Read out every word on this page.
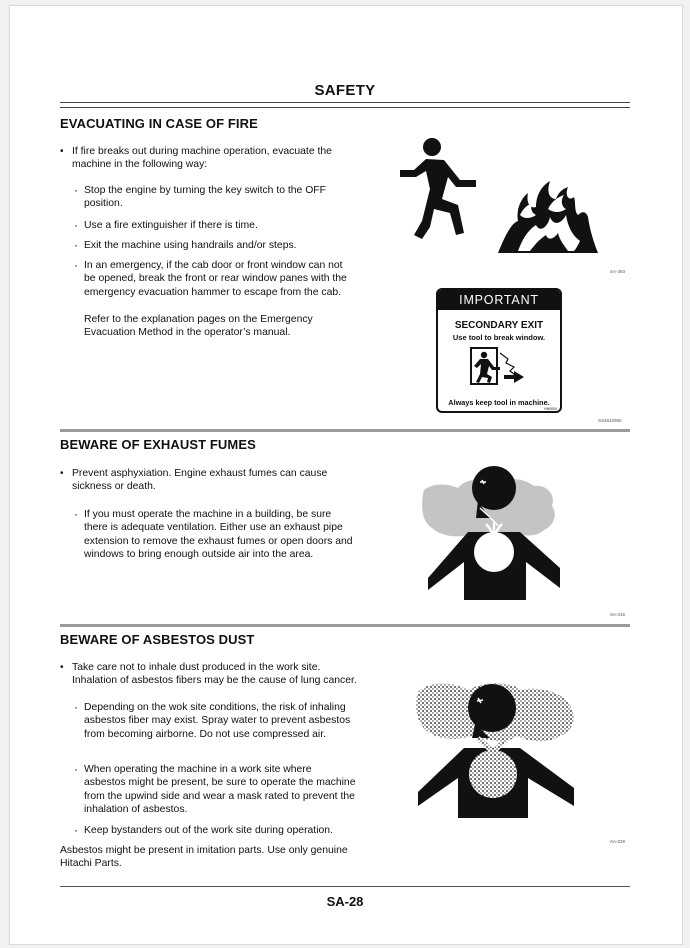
SAFETY
EVACUATING IN CASE OF FIRE

• If fire breaks out during machine operation, evacuate the machine in the following way:

· Stop the engine by turning the key switch to the OFF position.

· Use a fire extinguisher if there is time.

· Exit the machine using handrails and/or steps.

· In an emergency, if the cab door or front window can not be opened, break the front or rear window panes with the emergency evacuation hammer to escape from the cab.

Refer to the explanation pages on the Emergency Evacuation Method in the operator’s manual.

SA-393
IMPORTANT
SECONDARY EXIT
Use tool to break window.
Always keep tool in machine.
YW0000
SS4642980
BEWARE OF EXHAUST FUMES

• Prevent asphyxiation. Engine exhaust fumes can cause sickness or death.

· If you must operate the machine in a building, be sure there is adequate ventilation. Either use an exhaust pipe extension to remove the exhaust fumes or open doors and windows to bring enough outside air into the area.

SA-016
BEWARE OF ASBESTOS DUST

• Take care not to inhale dust produced in the work site. Inhalation of asbestos fibers may be the cause of lung cancer.

· Depending on the wok site conditions, the risk of inhaling asbestos fiber may exist. Spray water to prevent asbestos from becoming airborne. Do not use compressed air.

· When operating the machine in a work site where asbestos might be present, be sure to operate the machine from the upwind side and wear a mask rated to prevent the inhalation of asbestos.

· Keep bystanders out of the work site during operation.

Asbestos might be present in imitation parts. Use only genuine Hitachi Parts.

SA-029
SA-28
